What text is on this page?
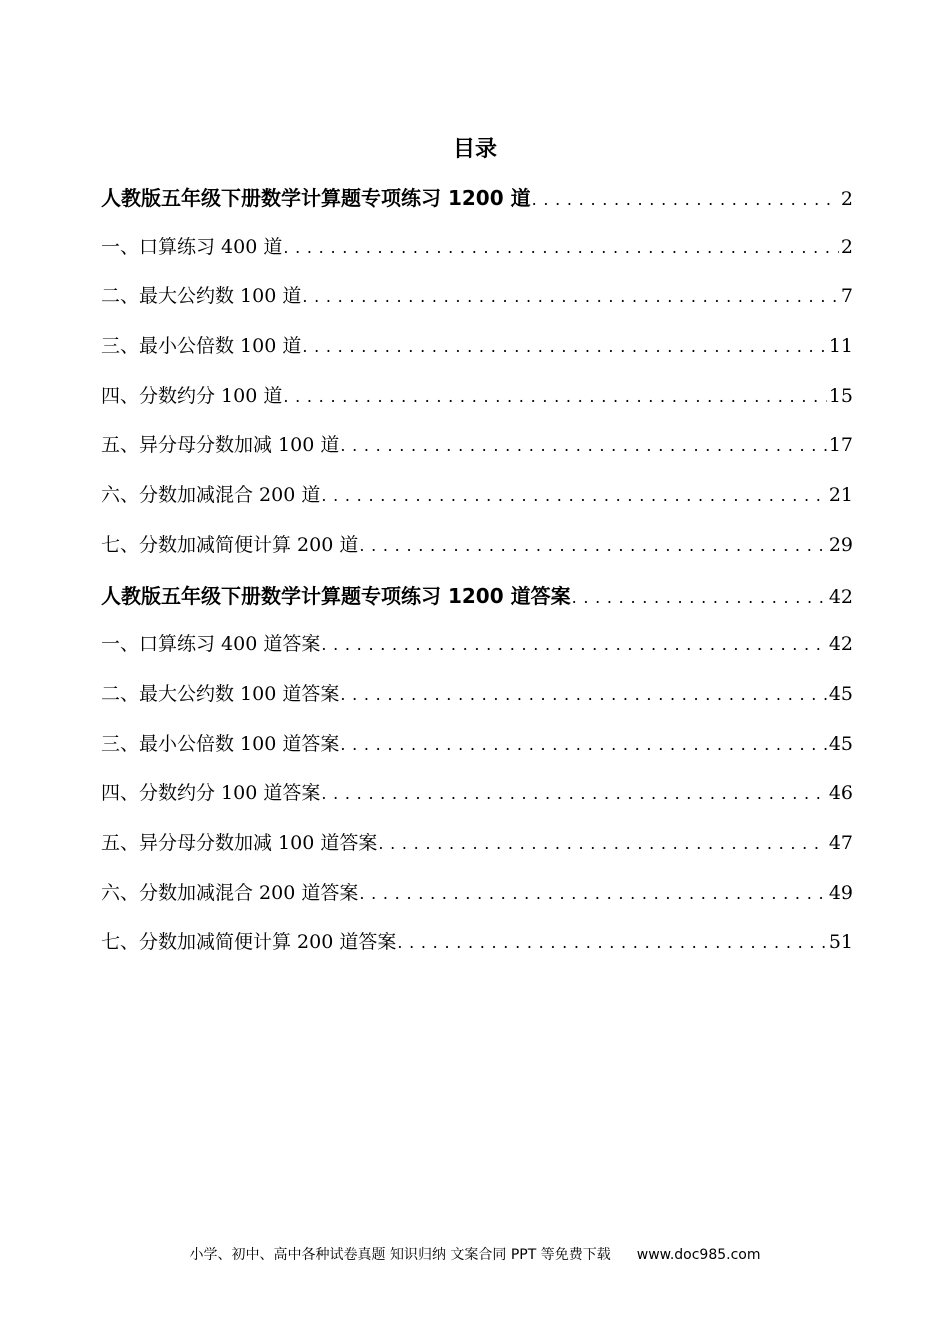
目录
人教版五年级下册数学计算题专项练习 1200 道 . . .	2
一、口算练习 400 道 . . .	2
二、最大公约数 100 道 . . .	7
三、最小公倍数 100 道 . . .	11
四、分数约分 100 道 . . .	15
五、异分母分数加减 100 道 . . .	17
六、分数加减混合 200 道 . . .	21
七、分数加减简便计算 200 道 . . .	29
人教版五年级下册数学计算题专项练习 1200 道答案 . . .	42
一、口算练习 400 道答案 . . .	42
二、最大公约数 100 道答案 . . .	45
三、最小公倍数 100 道答案 . . .	45
四、分数约分 100 道答案 . . .	46
五、异分母分数加减 100 道答案 . . .	47
六、分数加减混合 200 道答案 . . .	49
七、分数加减简便计算 200 道答案 . . .	51
小学、初中、高中各种试卷真题 知识归纳 文案合同 PPT 等免费下载 www.doc985.com
